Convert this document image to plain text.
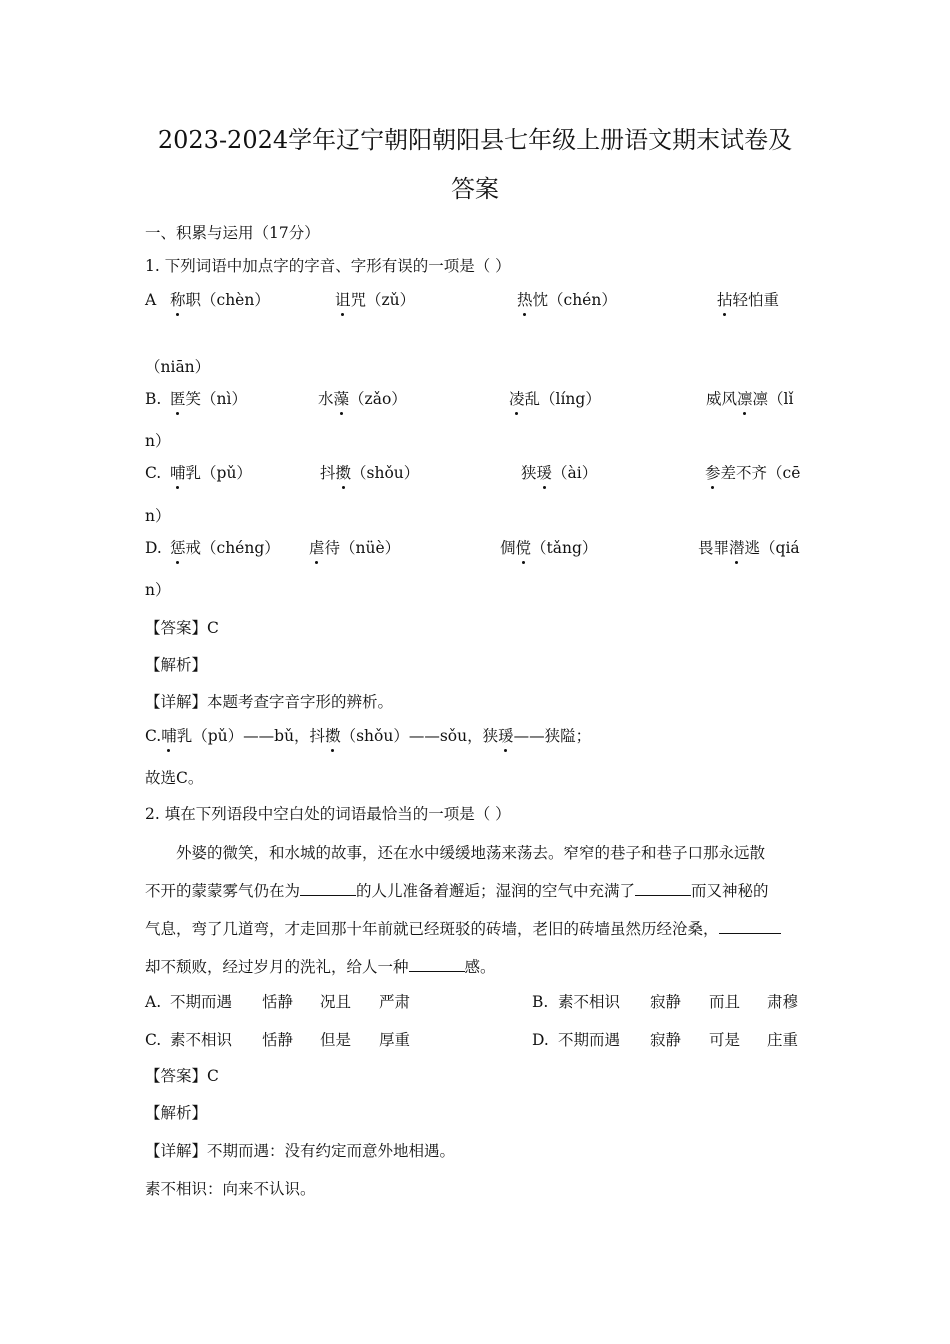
2023-2024学年辽宁朝阳朝阳县七年级上册语文期末试卷及
答案
一、积累与运用（17分）
1. 下列词语中加点字的字音、字形有误的一项是（ ）
A 称职（chèn）	诅咒（zǔ）	热忱（chén）	拈轻怕重
（niān）
B. 匿笑（nì）	水藻（zǎo）	凌乱（líng）	威风凛凛（lǐ
n）
C. 哺乳（pǔ）	抖擞（shǒu）	狭瑗（ài）	参差不齐（cē
n）
D. 惩戒（chéng） 虐待（nüè）	倜傥（tǎng）	畏罪潜逃（qiá
n）
【答案】C
【解析】
【详解】本题考查字音字形的辨析。
C.哺乳（pǔ）——bǔ，抖擞（shǒu）——sǒu，狭瑗——狭隘；
故选C。
2. 填在下列语段中空白处的词语最恰当的一项是（ ）
外婆的微笑，和水城的故事，还在水中缓缓地荡来荡去。窄窄的巷子和巷子口那永远散
不开的蒙蒙雾气仍在为	的人儿准备着邂逅；湿润的空气中充满了	而又神秘的
气息，弯了几道弯，才走回那十年前就已经斑驳的砖墙，老旧的砖墙虽然历经沧桑，
却不颓败，经过岁月的洗礼，给人一种	感。
A. 不期而遇 恬静 况且 严肃	B. 素不相识 寂静 而且 肃穆
C. 素不相识 恬静 但是 厚重	D. 不期而遇 寂静 可是 庄重
【答案】C
【解析】
【详解】不期而遇：没有约定而意外地相遇。
素不相识：向来不认识。
